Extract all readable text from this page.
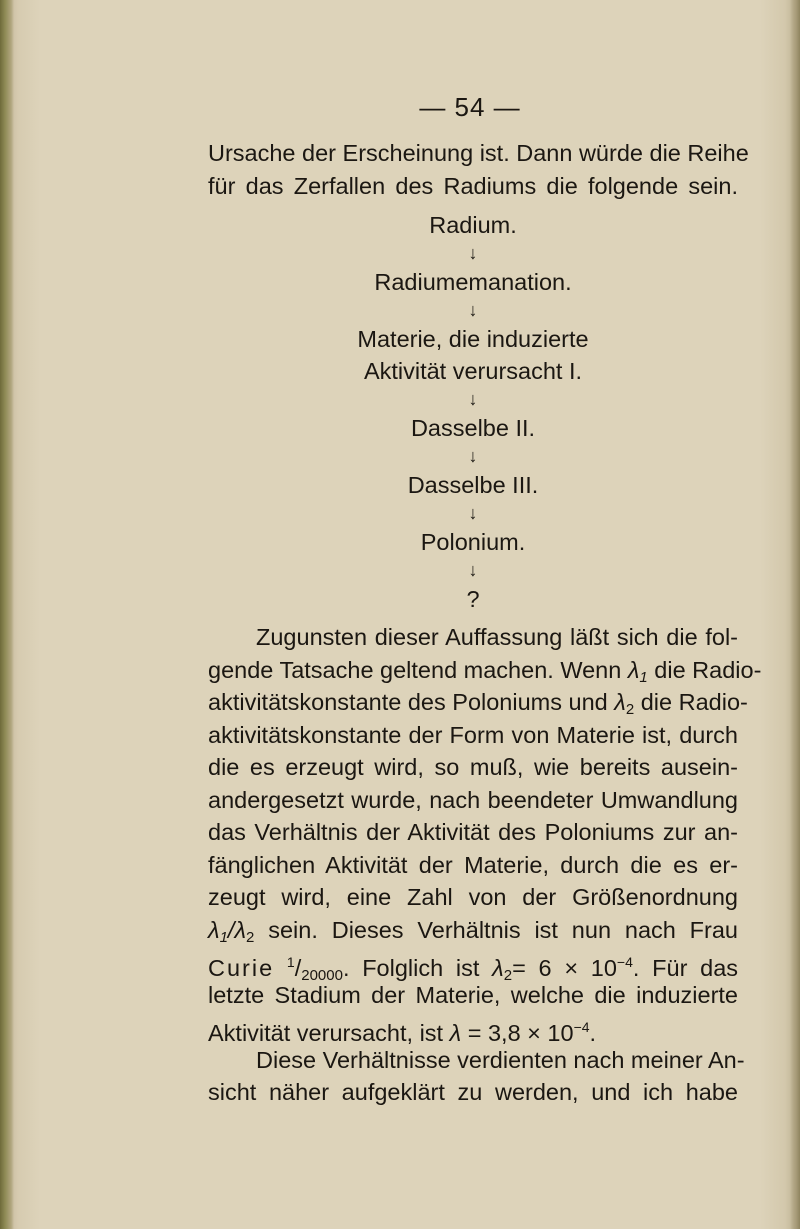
— 54 —
Ursache der Erscheinung ist. Dann würde die Reihe
für das Zerfallen des Radiums die folgende sein.
Radium.
↓
Radiumemanation.
↓
Materie, die induzierte
Aktivität verursacht I.
↓
Dasselbe II.
↓
Dasselbe III.
↓
Polonium.
↓
?
Zugunsten dieser Auffassung läßt sich die fol-
gende Tatsache geltend machen. Wenn $\lambda_1$ die Radio-
aktivitätskonstante des Poloniums und $\lambda_2$ die Radio-
aktivitätskonstante der Form von Materie ist, durch
die es erzeugt wird, so muß, wie bereits ausein-
andergesetzt wurde, nach beendeter Umwandlung
das Verhältnis der Aktivität des Poloniums zur an-
fänglichen Aktivität der Materie, durch die es er-
zeugt wird, eine Zahl von der Größenordnung
$\lambda_1/\lambda_2$ sein. Dieses Verhältnis ist nun nach Frau
Curie $^1/_{20000}$. Folglich ist $\lambda_2= 6 \times 10^{-4}$. Für das
letzte Stadium der Materie, welche die induzierte
Aktivität verursacht, ist $\lambda = 3,8 \times 10^{-4}$.
Diese Verhältnisse verdienten nach meiner An-
sicht näher aufgeklärt zu werden, und ich habe
